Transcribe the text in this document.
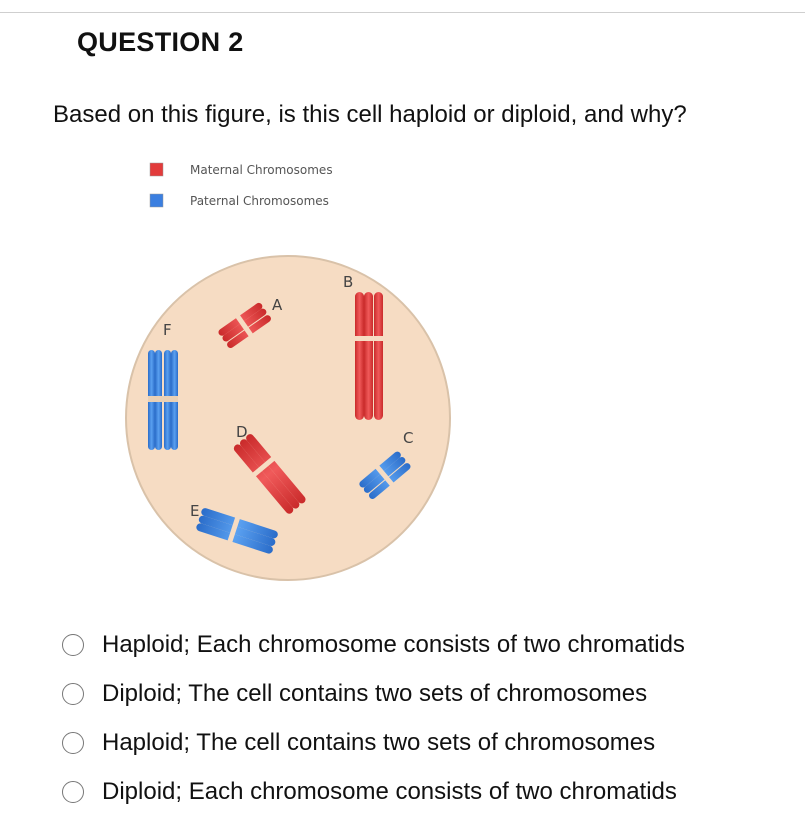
QUESTION 2
Based on this figure, is this cell haploid or diploid, and why?
Maternal Chromosomes
Paternal Chromosomes
A
B
C
D
E
F
Haploid; Each chromosome consists of two chromatids
Diploid; The cell contains two sets of chromosomes
Haploid; The cell contains two sets of chromosomes
Diploid; Each chromosome consists of two chromatids
